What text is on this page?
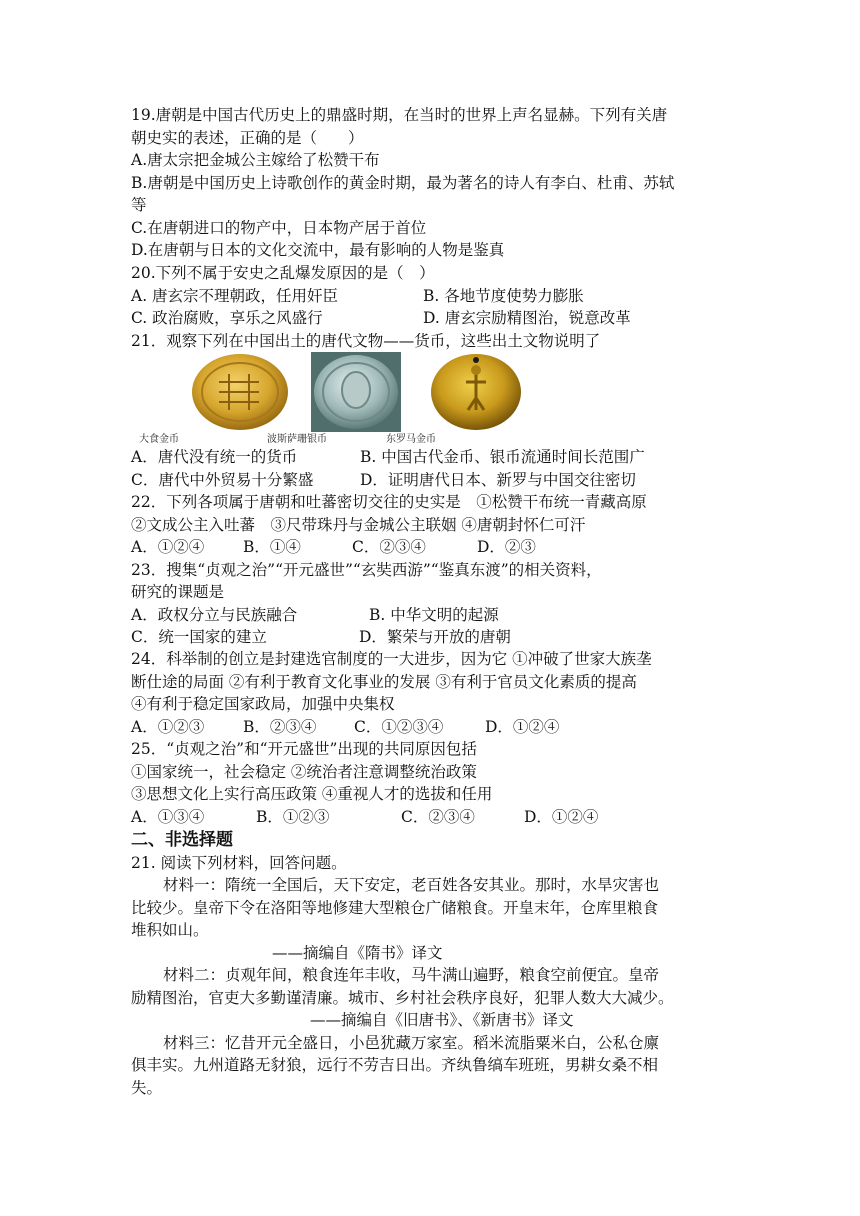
19.唐朝是中国古代历史上的鼎盛时期，在当时的世界上声名显赫。下列有关唐
朝史实的表述，正确的是（　　）
A.唐太宗把金城公主嫁给了松赞干布
B.唐朝是中国历史上诗歌创作的黄金时期，最为著名的诗人有李白、杜甫、苏轼
等
C.在唐朝进口的物产中，日本物产居于首位
D.在唐朝与日本的文化交流中，最有影响的人物是鉴真
20.下列不属于安史之乱爆发原因的是（　）
A. 唐玄宗不理朝政，任用奸臣	B. 各地节度使势力膨胀
C. 政治腐败，享乐之风盛行	D. 唐玄宗励精图治，锐意改革
21．观察下列在中国出土的唐代文物——货币，这些出土文物说明了
大食金币	波斯萨珊银币	东罗马金币
A．唐代没有统一的货币	B. 中国古代金币、银币流通时间长范围广
C．唐代中外贸易十分繁盛	D．证明唐代日本、新罗与中国交往密切
22．下列各项属于唐朝和吐蕃密切交往的史实是　①松赞干布统一青藏高原
②文成公主入吐蕃　③尺带珠丹与金城公主联姻 ④唐朝封怀仁可汗
A．①②④	B．①④	C．②③④	D．②③
23．搜集“贞观之治”“开元盛世”“玄奘西游”“鉴真东渡”的相关资料，
研究的课题是
A．政权分立与民族融合	B. 中华文明的起源
C．统一国家的建立	D．繁荣与开放的唐朝
24．科举制的创立是封建选官制度的一大进步，因为它 ①冲破了世家大族垄
断仕途的局面 ②有利于教育文化事业的发展 ③有利于官员文化素质的提高
④有利于稳定国家政局，加强中央集权
A．①②③	B．②③④ C．①②③④	D．①②④
25．“贞观之治”和“开元盛世”出现的共同原因包括
①国家统一，社会稳定 ②统治者注意调整统治政策
③思想文化上实行高压政策 ④重视人才的选拔和任用
A．①③④	B．①②③	C．②③④	D．①②④
二、非选择题
21. 阅读下列材料，回答问题。
材料一：隋统一全国后，天下安定，老百姓各安其业。那时，水旱灾害也
比较少。皇帝下令在洛阳等地修建大型粮仓广储粮食。开皇末年，仓库里粮食
堆积如山。
——摘编自《隋书》译文
材料二：贞观年间，粮食连年丰收，马牛满山遍野，粮食空前便宜。皇帝
励精图治，官吏大多勤谨清廉。城市、乡村社会秩序良好，犯罪人数大大减少。
——摘编自《旧唐书》、《新唐书》译文
材料三：忆昔开元全盛日，小邑犹藏万家室。稻米流脂粟米白，公私仓廪
俱丰实。九州道路无豺狼，远行不劳吉日出。齐纨鲁缟车班班，男耕女桑不相
失。
